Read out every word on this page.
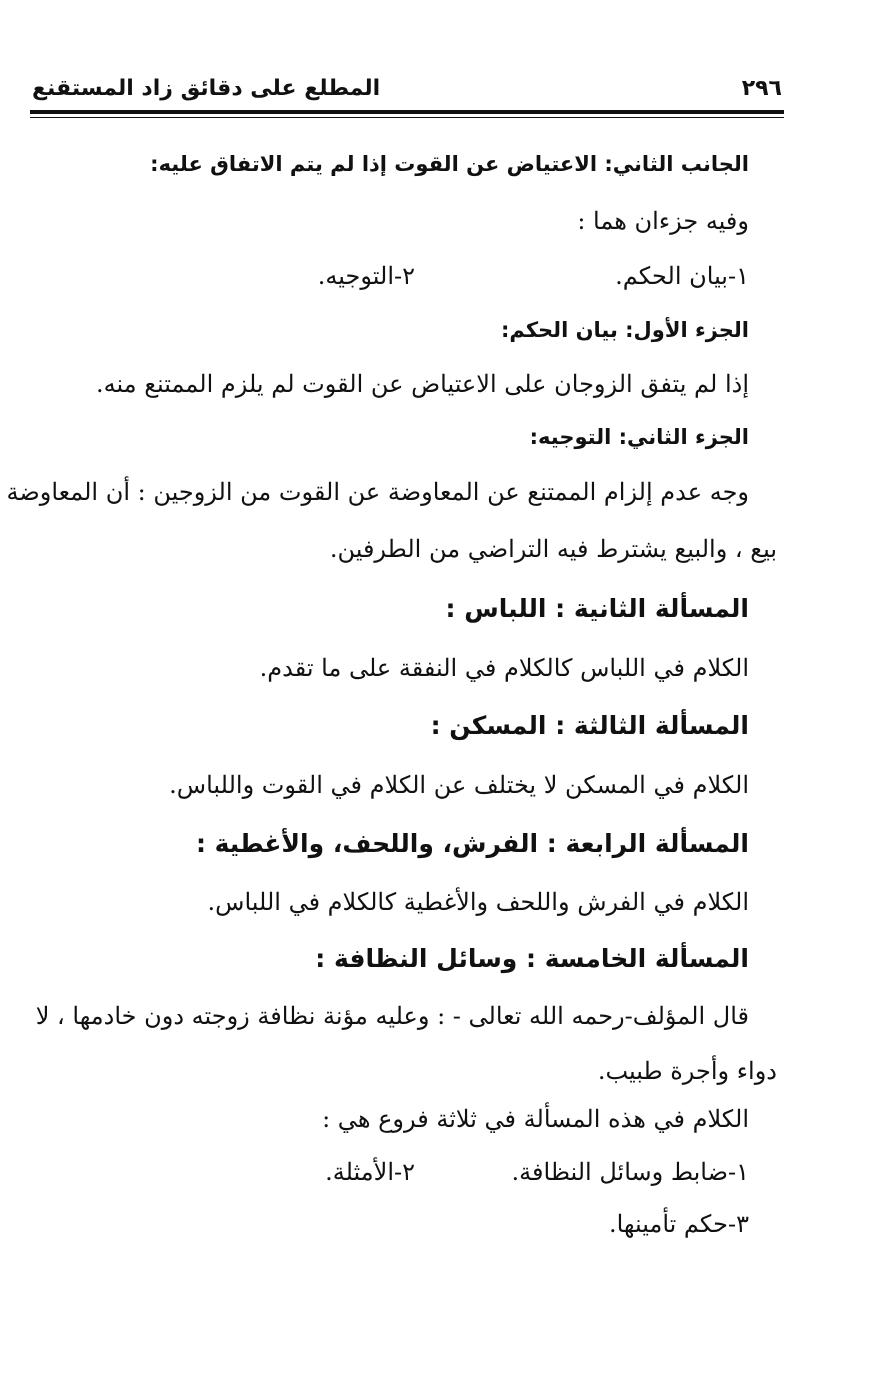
المطلع على دقائق زاد المستقنع	٢٩٦
الجانب الثاني: الاعتياض عن القوت إذا لم يتم الاتفاق عليه:
وفيه جزءان هما :
١-بيان الحكم.
٢-التوجيه.
الجزء الأول: بيان الحكم:
إذا لم يتفق الزوجان على الاعتياض عن القوت لم يلزم الممتنع منه.
الجزء الثاني: التوجيه:
وجه عدم إلزام الممتنع عن المعاوضة عن القوت من الزوجين : أن المعاوضة
بيع ، والبيع يشترط فيه التراضي من الطرفين.
المسألة الثانية : اللباس :
الكلام في اللباس كالكلام في النفقة على ما تقدم.
المسألة الثالثة : المسكن :
الكلام في المسكن لا يختلف عن الكلام في القوت واللباس.
المسألة الرابعة : الفرش، واللحف، والأغطية :
الكلام في الفرش واللحف والأغطية كالكلام في اللباس.
المسألة الخامسة : وسائل النظافة :
قال المؤلف-رحمه الله تعالى - : وعليه مؤنة نظافة زوجته دون خادمها ، لا
دواء وأجرة طبيب.
الكلام في هذه المسألة في ثلاثة فروع هي :
١-ضابط وسائل النظافة.
٢-الأمثلة.
٣-حكم تأمينها.
